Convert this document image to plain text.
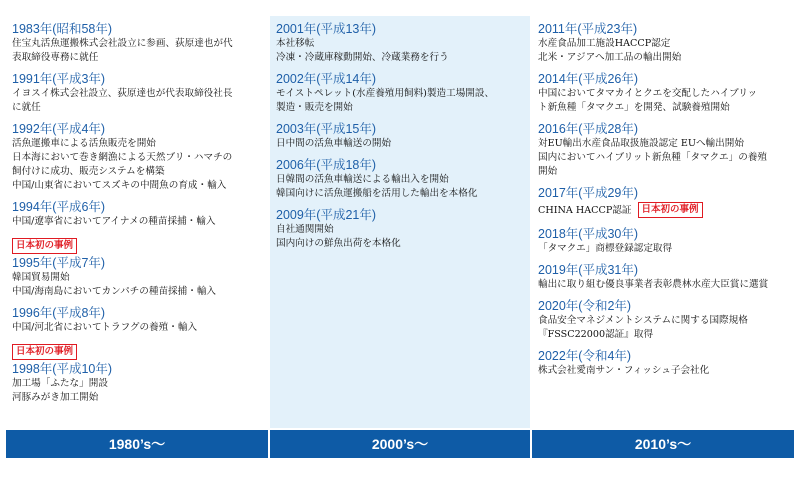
1983年(昭和58年)
住宝丸活魚運搬株式会社設立に参画、荻原達也が代
表取締役専務に就任
1991年(平成3年)
イヨスイ株式会社設立、荻原達也が代表取締役社長
に就任
1992年(平成4年)
活魚運搬車による活魚販売を開始
日本海において巻き網漁による天然ブリ・ハマチの
飼付けに成功、販売システムを構築
中国/山東省においてスズキの中間魚の育成・輸入
1994年(平成6年)
中国/遼寧省においてアイナメの種苗採捕・輸入
日本初の事例
1995年(平成7年)
韓国貿易開始
中国/海南島においてカンパチの種苗採捕・輸入
1996年(平成8年)
中国/河北省においてトラフグの養殖・輸入
日本初の事例
1998年(平成10年)
加工場「ふたな」開設
河豚みがき加工開始
2001年(平成13年)
本社移転
冷凍・冷蔵庫稼動開始、冷蔵業務を行う
2002年(平成14年)
モイストペレット(水産養殖用飼料)製造工場開設、
製造・販売を開始
2003年(平成15年)
日中間の活魚車輸送の開始
2006年(平成18年)
日韓間の活魚車輸送による輸出入を開始
韓国向けに活魚運搬船を活用した輸出を本格化
2009年(平成21年)
自社通関開始
国内向けの鮮魚出荷を本格化
2011年(平成23年)
水産食品加工施設HACCP認定
北米・アジアへ加工品の輸出開始
2014年(平成26年)
中国においてタマカイとクエを交配したハイブリッ
ト新魚種「タマクエ」を開発、試験養殖開始
2016年(平成28年)
対EU輸出水産食品取扱施設認定 EUへ輸出開始
国内においてハイブリット新魚種「タマクエ」の養殖
開始
2017年(平成29年)
CHINA HACCP認証	日本初の事例
2018年(平成30年)
「タマクエ」商標登録認定取得
2019年(平成31年)
輸出に取り組む優良事業者表彰農林水産大臣賞に選賞
2020年(令和2年)
食品安全マネジメントシステムに関する国際規格
『FSSC22000認証』取得
2022年(令和4年)
株式会社愛南サン・フィッシュ子会社化
1980’s〜	2000’s〜	2010’s〜
